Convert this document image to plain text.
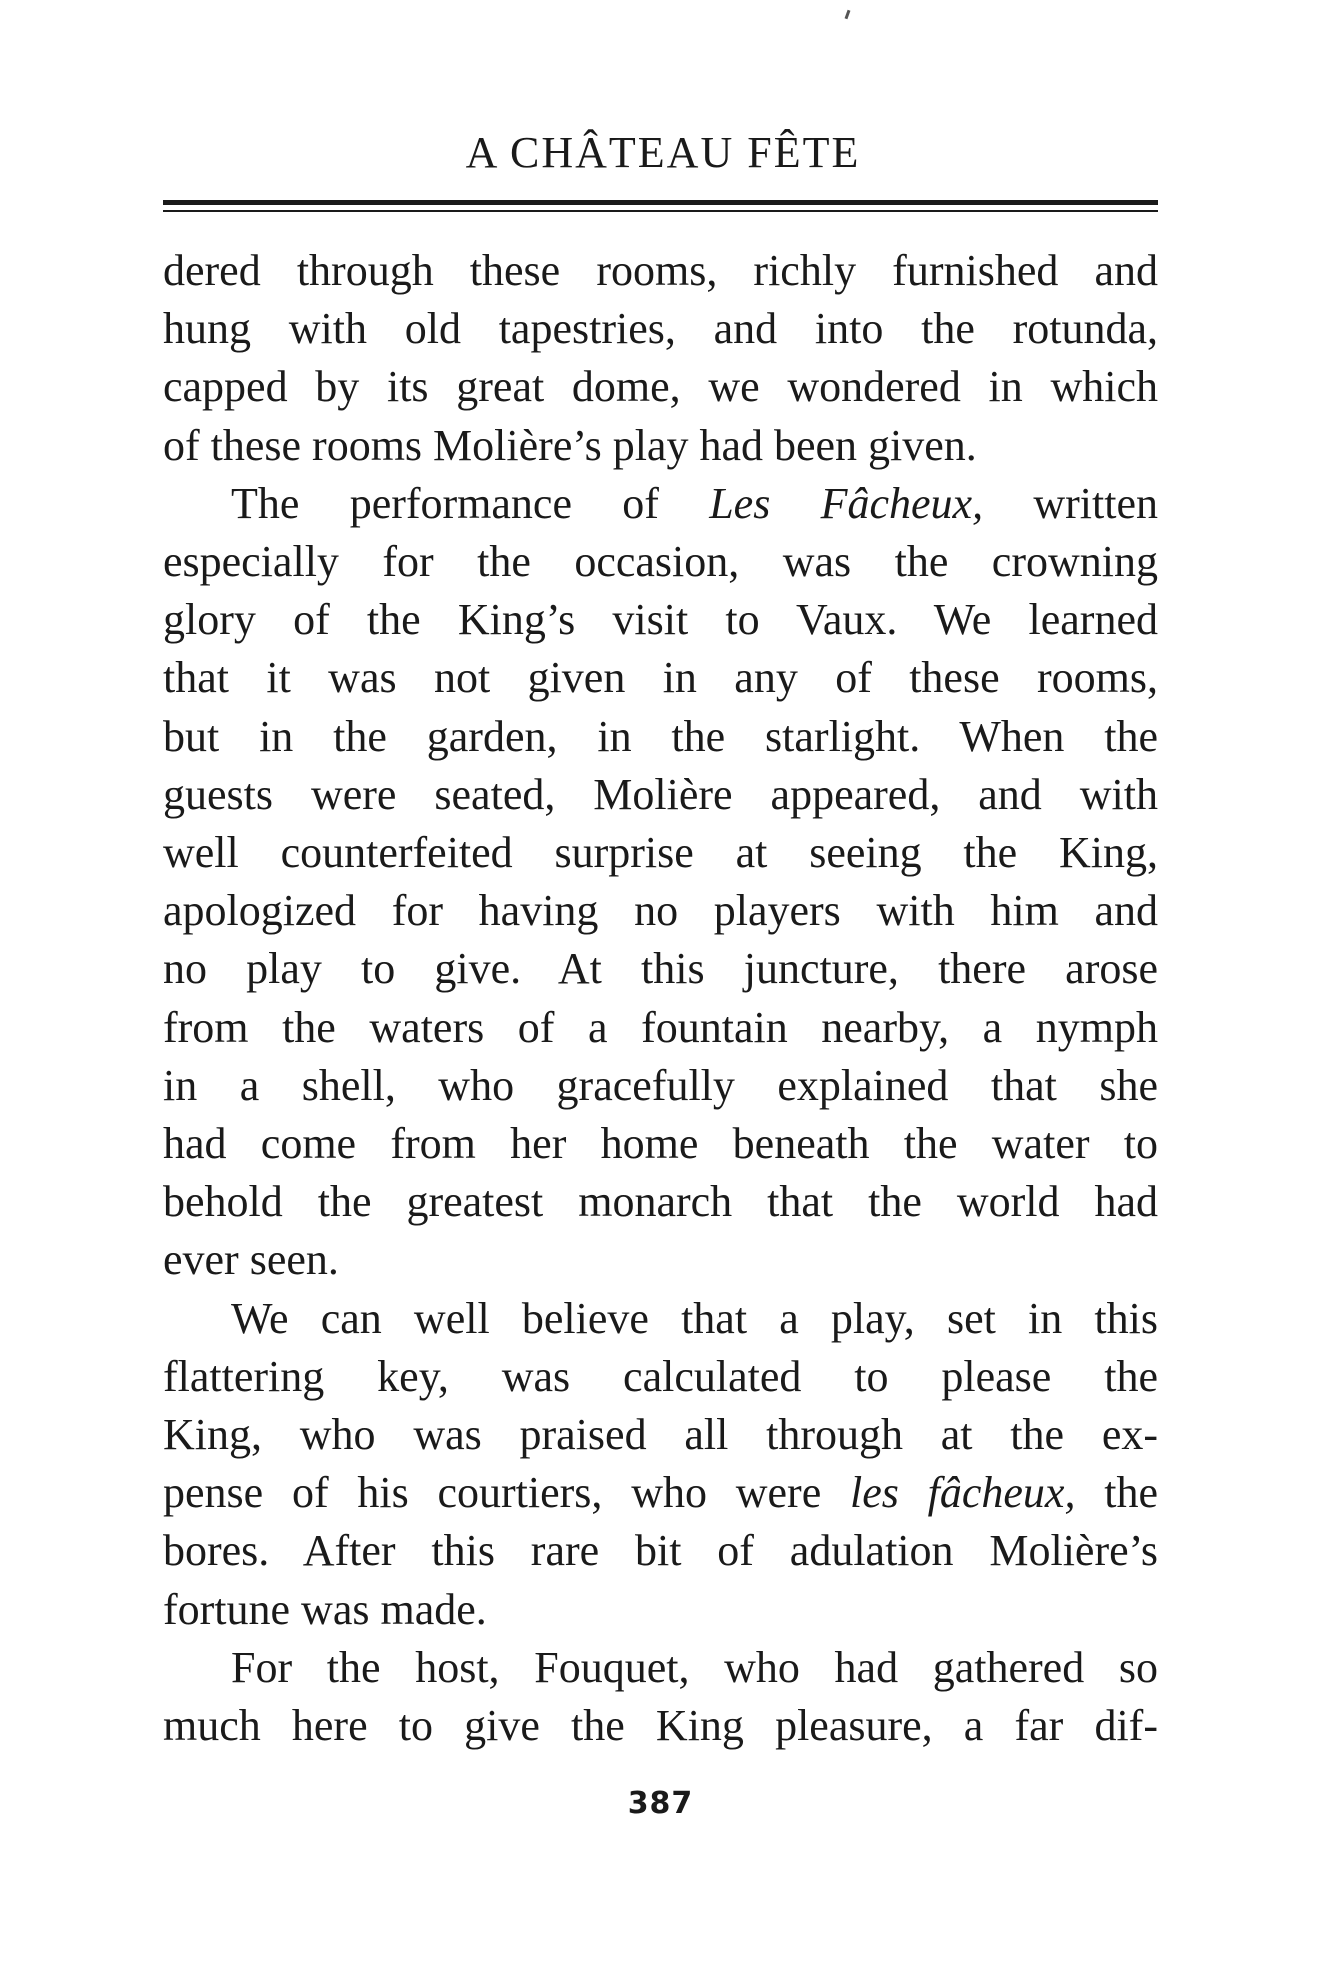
A CHÂTEAU FÊTE
dered through these rooms, richly furnished and
hung with old tapestries, and into the rotunda,
capped by its great dome, we wondered in which
of these rooms Molière’s play had been given.
The performance of Les Fâcheux, written
especially for the occasion, was the crowning
glory of the King’s visit to Vaux. We learned
that it was not given in any of these rooms,
but in the garden, in the starlight. When the
guests were seated, Molière appeared, and with
well counterfeited surprise at seeing the King,
apologized for having no players with him and
no play to give. At this juncture, there arose
from the waters of a fountain nearby, a nymph
in a shell, who gracefully explained that she
had come from her home beneath the water to
behold the greatest monarch that the world had
ever seen.
We can well believe that a play, set in this
flattering key, was calculated to please the
King, who was praised all through at the ex-
pense of his courtiers, who were les fâcheux, the
bores. After this rare bit of adulation Molière’s
fortune was made.
For the host, Fouquet, who had gathered so
much here to give the King pleasure, a far dif-
387
